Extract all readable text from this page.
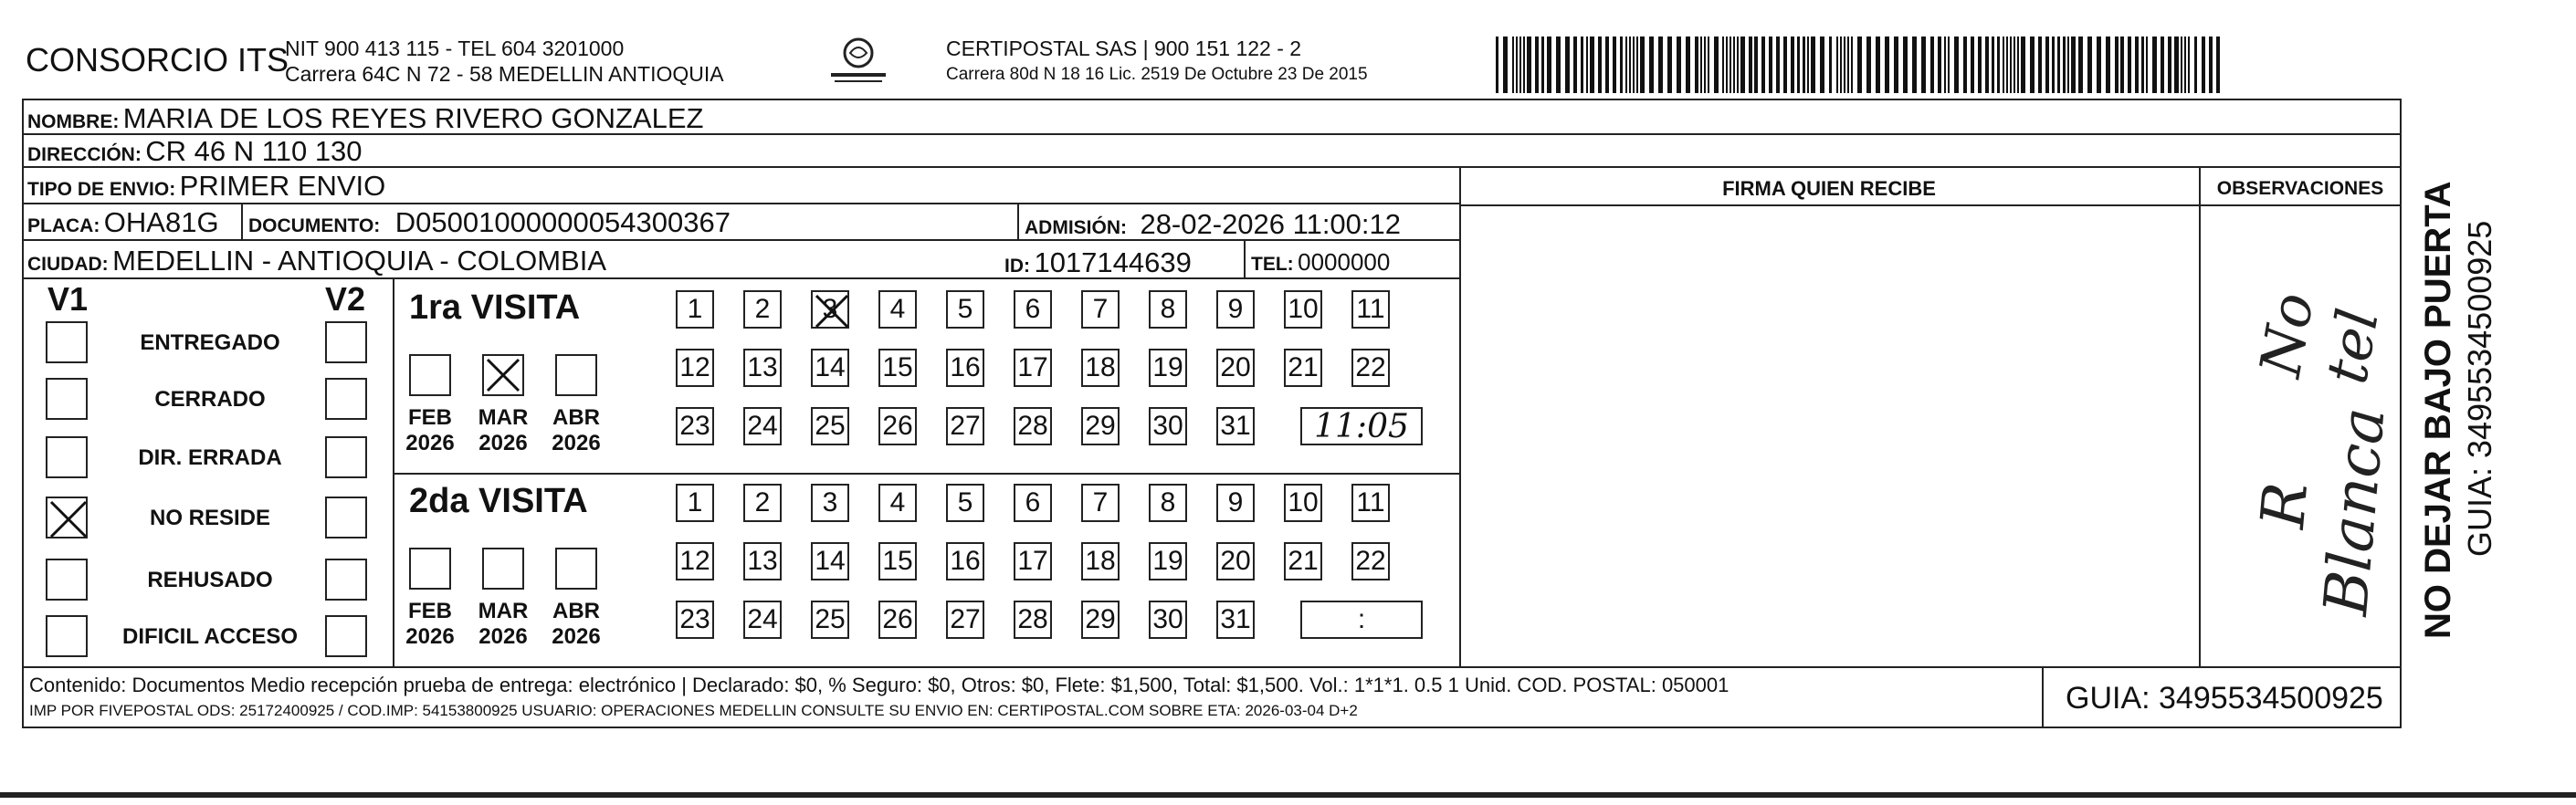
CONSORCIO ITS
NIT 900 413 115 - TEL 604 3201000
Carrera 64C N 72 - 58 MEDELLIN ANTIOQUIA
CERTIPOSTAL SAS | 900 151 122 - 2
Carrera 80d N 18 16 Lic. 2519 De Octubre 23 De 2015
NOMBRE: MARIA DE LOS REYES RIVERO GONZALEZ
DIRECCIÓN: CR 46 N 110 130
TIPO DE ENVIO: PRIMER ENVIO
PLACA: OHA81G DOCUMENTO: D05001000000054300367	ADMISIÓN: 28-02-2026 11:00:12
CIUDAD: MEDELLIN - ANTIOQUIA - COLOMBIA	ID: 1017144639	TEL: 0000000
FIRMA QUIEN RECIBE	OBSERVACIONES
V1	V2
ENTREGADO
CERRADO
DIR. ERRADA
NO RESIDE
REHUSADO
DIFICIL ACCESO
1ra VISITA
2da VISITA
FEB
2026
MAR
2026
ABR
2026
1 2 3 4 5 6 7 8 9 10 11
12 13 14 15 16 17 18 19 20 21 22
23 24 25 26 27 28 29 30 31 11:05
FEB
2026
MAR
2026
ABR
2026
1 2 3 4 5 6 7 8 9 10 11
12 13 14 15 16 17 18 19 20 21 22
23 24 25 26 27 28 29 30 31	:
R Blanca
No tel
Contenido: Documentos Medio recepción prueba de entrega: electrónico | Declarado: $0, % Seguro: $0, Otros: $0, Flete: $1,500, Total: $1,500. Vol.: 1*1*1. 0.5 1 Unid. COD. POSTAL: 050001
IMP POR FIVEPOSTAL ODS: 25172400925 / COD.IMP: 54153800925 USUARIO: OPERACIONES MEDELLIN CONSULTE SU ENVIO EN: CERTIPOSTAL.COM SOBRE ETA: 2026-03-04 D+2	GUIA: 3495534500925
NO DEJAR BAJO PUERTA GUIA: 3495534500925
